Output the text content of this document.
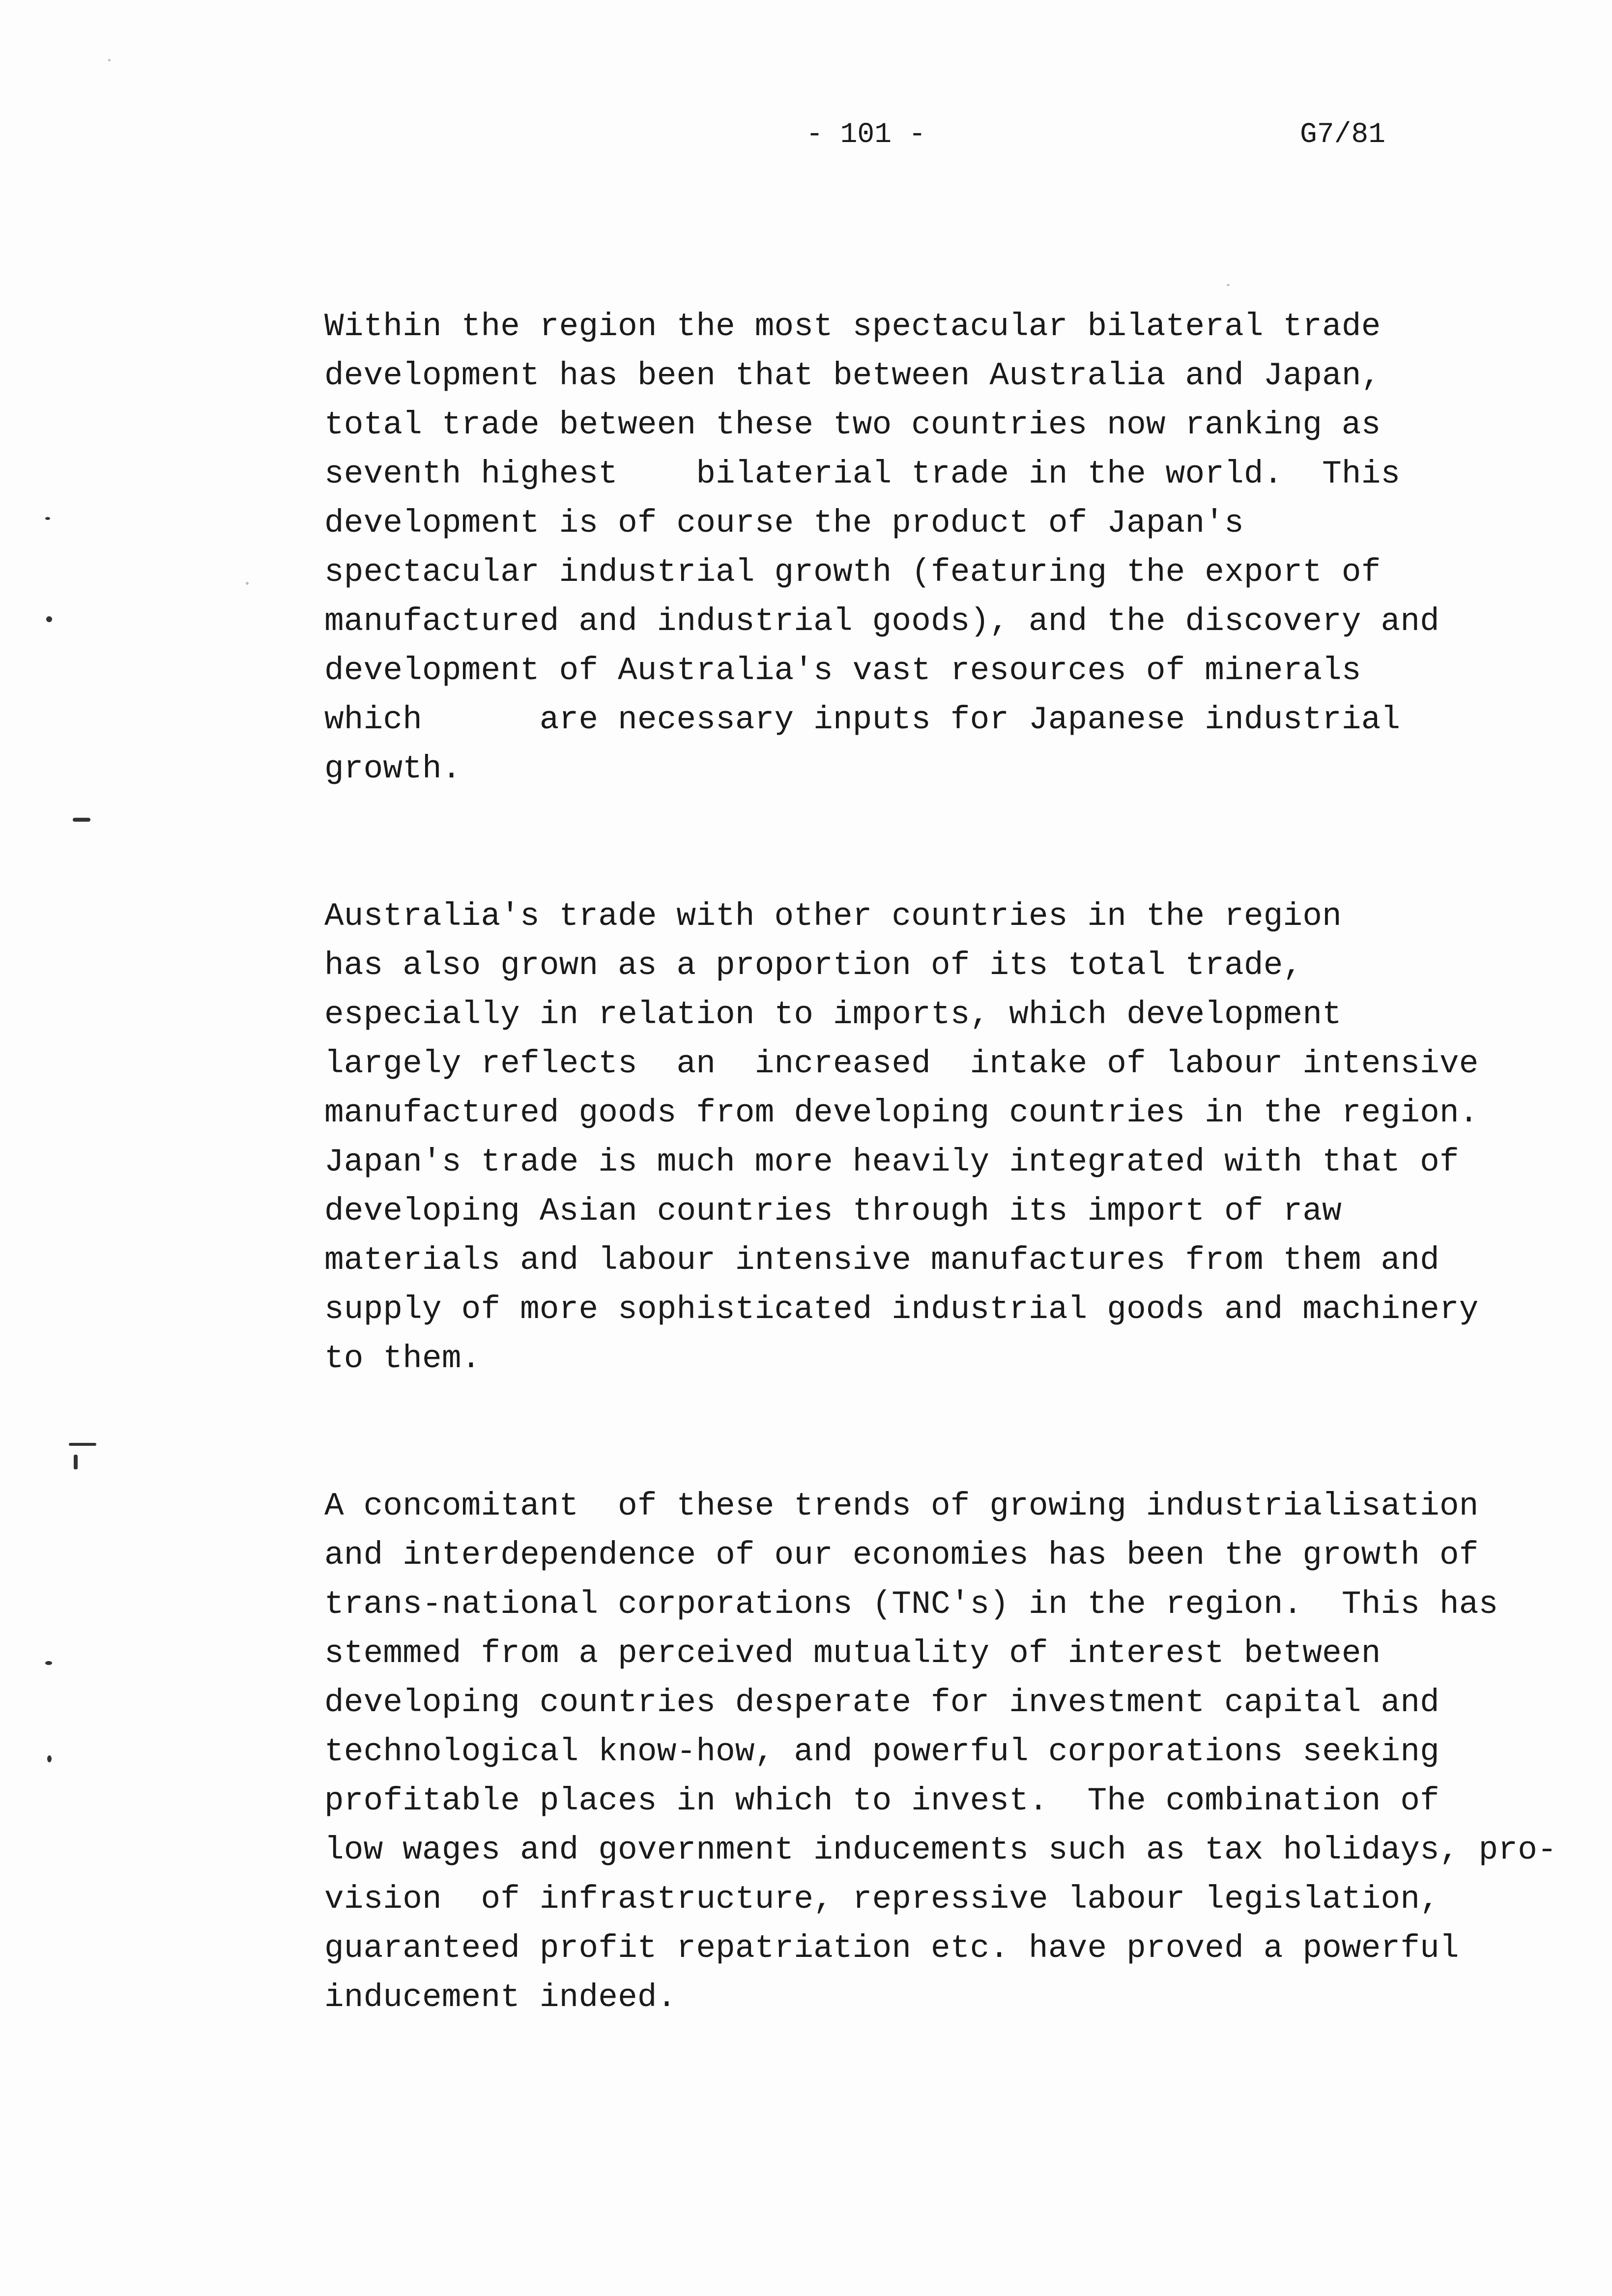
- 101 -	G7/81
Within the region the most spectacular bilateral trade
development has been that between Australia and Japan,
total trade between these two countries now ranking as
seventh highest    bilaterial trade in the world.  This
development is of course the product of Japan's
spectacular industrial growth (featuring the export of
manufactured and industrial goods), and the discovery and
development of Australia's vast resources of minerals
which      are necessary inputs for Japanese industrial
growth.
Australia's trade with other countries in the region
has also grown as a proportion of its total trade,
especially in relation to imports, which development
largely reflects  an  increased  intake of labour intensive
manufactured goods from developing countries in the region.
Japan's trade is much more heavily integrated with that of
developing Asian countries through its import of raw
materials and labour intensive manufactures from them and
supply of more sophisticated industrial goods and machinery
to them.
A concomitant  of these trends of growing industrialisation
and interdependence of our economies has been the growth of
trans-national corporations (TNC's) in the region.  This has
stemmed from a perceived mutuality of interest between
developing countries desperate for investment capital and
technological know-how, and powerful corporations seeking
profitable places in which to invest.  The combination of
low wages and government inducements such as tax holidays, pro-
vision  of infrastructure, repressive labour legislation,
guaranteed profit repatriation etc. have proved a powerful
inducement indeed.
